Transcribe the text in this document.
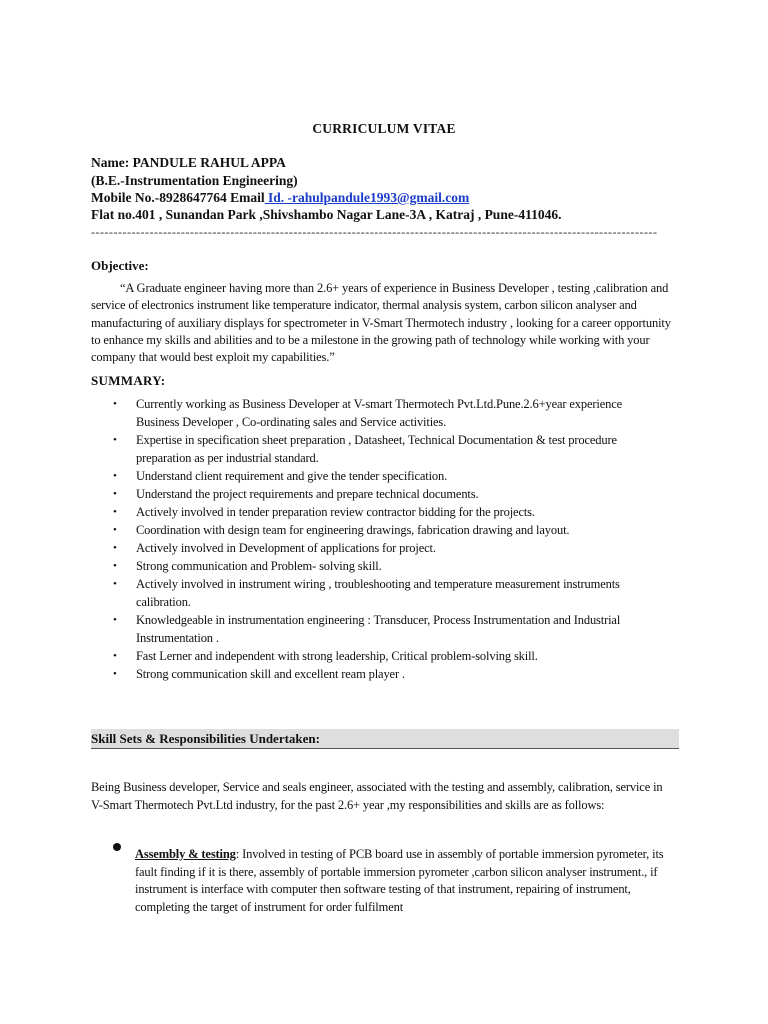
CURRICULUM VITAE
Name: PANDULE RAHUL APPA
(B.E.-Instrumentation Engineering)
Mobile No.-8928647764 Email Id. -rahulpandule1993@gmail.com
Flat no.401 , Sunandan Park ,Shivshambo Nagar Lane-3A , Katraj , Pune-411046.
------------------------------------------------------------------------------------------------------------------------------
Objective:
“A Graduate engineer having more than 2.6+ years of experience in Business Developer , testing ,calibration and service of electronics instrument like temperature indicator, thermal analysis system, carbon silicon analyser and manufacturing of auxiliary displays for spectrometer in V-Smart Thermotech industry , looking for a career opportunity to enhance my skills and abilities and to be a milestone in the growing path of technology while working with your company that would best exploit my capabilities.”
SUMMARY:
• Currently working as Business Developer at V-smart Thermotech Pvt.Ltd.Pune.2.6+year experience Business Developer , Co-ordinating sales and Service activities.
• Expertise in specification sheet preparation , Datasheet, Technical Documentation & test procedure preparation as per industrial standard.
• Understand client requirement and give the tender specification.
• Understand the project requirements and prepare technical documents.
• Actively involved in tender preparation review contractor bidding for the projects.
• Coordination with design team for engineering drawings, fabrication drawing and layout.
• Actively involved in Development of applications for project.
• Strong communication and Problem- solving skill.
• Actively involved in instrument wiring , troubleshooting and temperature measurement instruments calibration.
• Knowledgeable in instrumentation engineering : Transducer, Process Instrumentation and Industrial Instrumentation .
• Fast Lerner and independent with strong leadership, Critical problem-solving skill.
• Strong communication skill and excellent ream player .
Skill Sets & Responsibilities Undertaken:
Being Business developer, Service and seals engineer, associated with the testing and assembly, calibration, service in V-Smart Thermotech Pvt.Ltd industry, for the past 2.6+ year ,my responsibilities and skills are as follows:
Assembly & testing: Involved in testing of PCB board use in assembly of portable immersion pyrometer, its fault finding if it is there, assembly of portable immersion pyrometer ,carbon silicon analyser instrument., if instrument is interface with computer then software testing of that instrument, repairing of instrument, completing the target of instrument for order fulfilment
